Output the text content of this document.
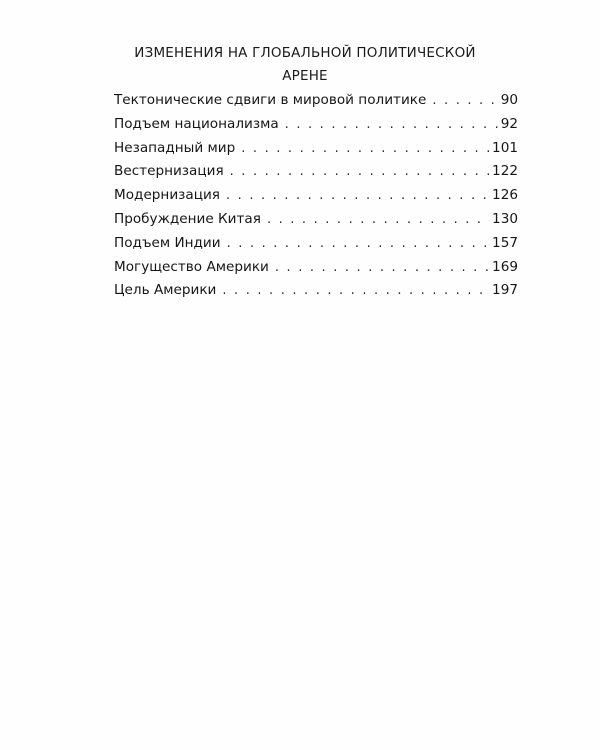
ИЗМЕНЕНИЯ НА ГЛОБАЛЬНОЙ ПОЛИТИЧЕСКОЙ
АРЕНЕ
Тектонические сдвиги в мировой политике . . .	90
Подъем национализма . . .	92
Незападный мир . . .	101
Вестернизация . . .	122
Модернизация . . .	126
Пробуждение Китая . . .	130
Подъем Индии . . .	157
Могущество Америки . . .	169
Цель Америки . . .	197
